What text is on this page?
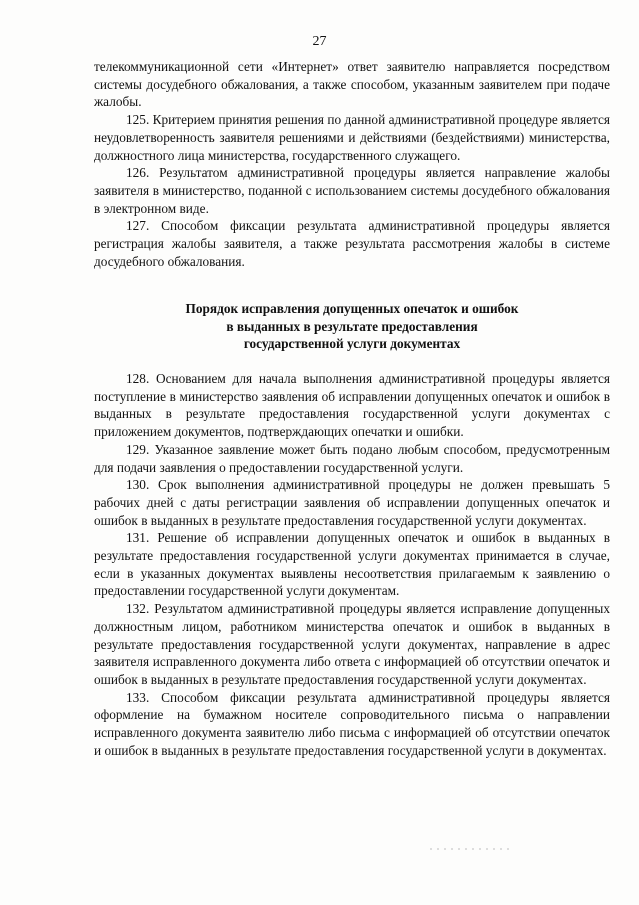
27

телекоммуникационной сети «Интернет» ответ заявителю направляется посредством системы досудебного обжалования, а также способом, указанным заявителем при подаче жалобы.

125. Критерием принятия решения по данной административной процедуре является неудовлетворенность заявителя решениями и действиями (бездействиями) министерства, должностного лица министерства, государственного служащего.

126. Результатом административной процедуры является направление жалобы заявителя в министерство, поданной с использованием системы досудебного обжалования в электронном виде.

127. Способом фиксации результата административной процедуры является регистрация жалобы заявителя, а также результата рассмотрения жалобы в системе досудебного обжалования.

Порядок исправления допущенных опечаток и ошибок
в выданных в результате предоставления
государственной услуги документах

128. Основанием для начала выполнения административной процедуры является поступление в министерство заявления об исправлении допущенных опечаток и ошибок в выданных в результате предоставления государственной услуги документах с приложением документов, подтверждающих опечатки и ошибки.

129. Указанное заявление может быть подано любым способом, предусмотренным для подачи заявления о предоставлении государственной услуги.

130. Срок выполнения административной процедуры не должен превышать 5 рабочих дней с даты регистрации заявления об исправлении допущенных опечаток и ошибок в выданных в результате предоставления государственной услуги документах.

131. Решение об исправлении допущенных опечаток и ошибок в выданных в результате предоставления государственной услуги документах принимается в случае, если в указанных документах выявлены несоответствия прилагаемым к заявлению о предоставлении государственной услуги документам.

132. Результатом административной процедуры является исправление допущенных должностным лицом, работником министерства опечаток и ошибок в выданных в результате предоставления государственной услуги документах, направление в адрес заявителя исправленного документа либо ответа с информацией об отсутствии опечаток и ошибок в выданных в результате предоставления государственной услуги документах.

133. Способом фиксации результата административной процедуры является оформление на бумажном носителе сопроводительного письма о направлении исправленного документа заявителю либо письма с информацией об отсутствии опечаток и ошибок в выданных в результате предоставления государственной услуги в документах.
